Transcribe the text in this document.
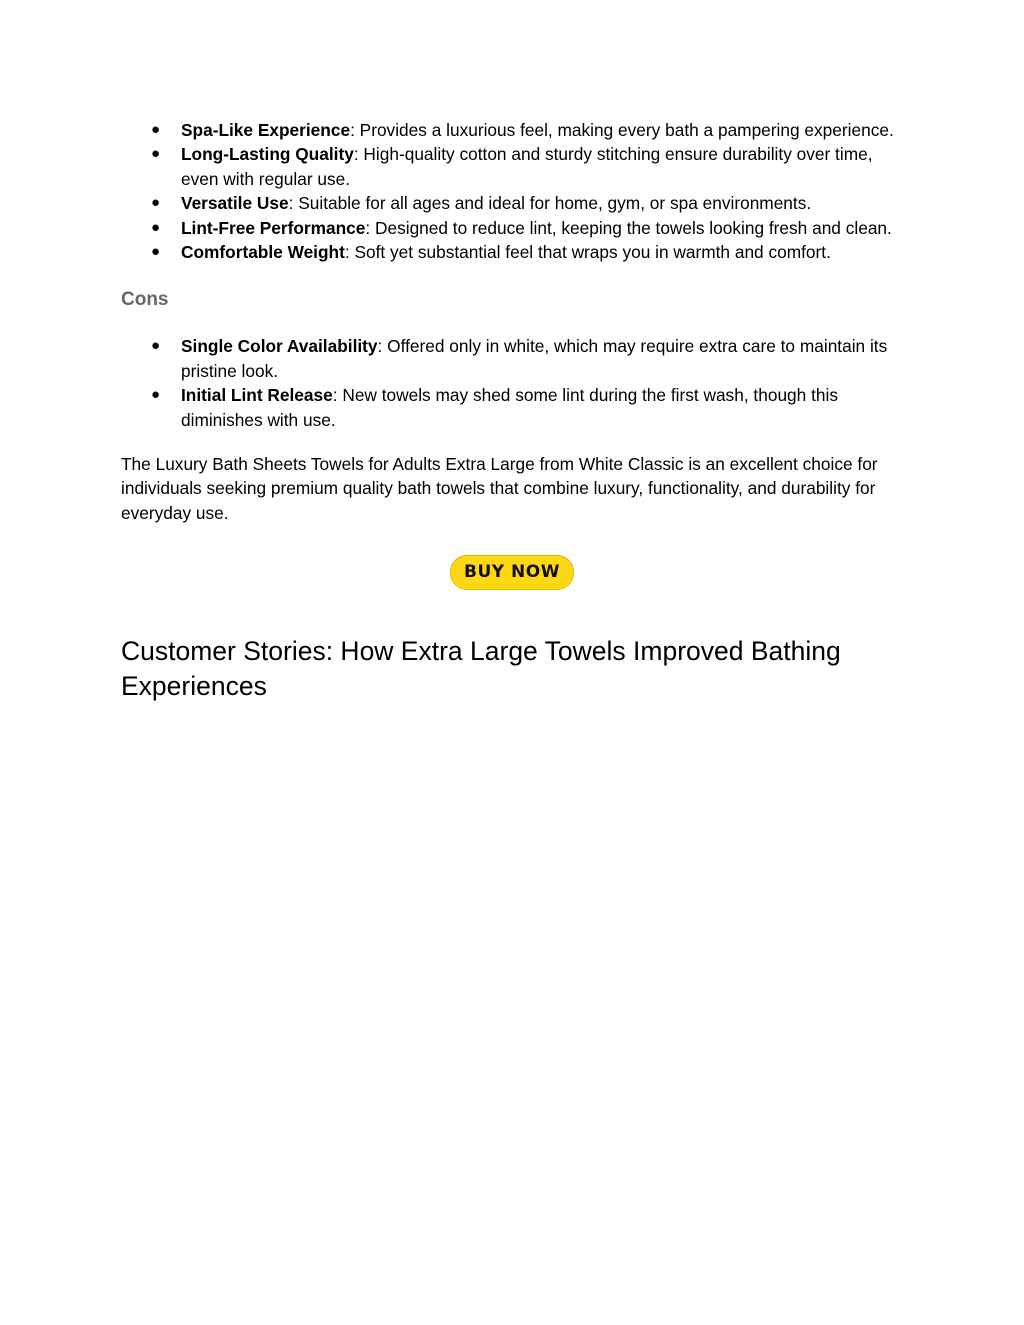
● Spa-Like Experience: Provides a luxurious feel, making every bath a pampering experience.
● Long-Lasting Quality: High-quality cotton and sturdy stitching ensure durability over time, even with regular use.
● Versatile Use: Suitable for all ages and ideal for home, gym, or spa environments.
● Lint-Free Performance: Designed to reduce lint, keeping the towels looking fresh and clean.
● Comfortable Weight: Soft yet substantial feel that wraps you in warmth and comfort.
Cons
● Single Color Availability: Offered only in white, which may require extra care to maintain its pristine look.
● Initial Lint Release: New towels may shed some lint during the first wash, though this diminishes with use.

The Luxury Bath Sheets Towels for Adults Extra Large from White Classic is an excellent choice for individuals seeking premium quality bath towels that combine luxury, functionality, and durability for everyday use.

BUY NOW
Customer Stories: How Extra Large Towels Improved Bathing Experiences
